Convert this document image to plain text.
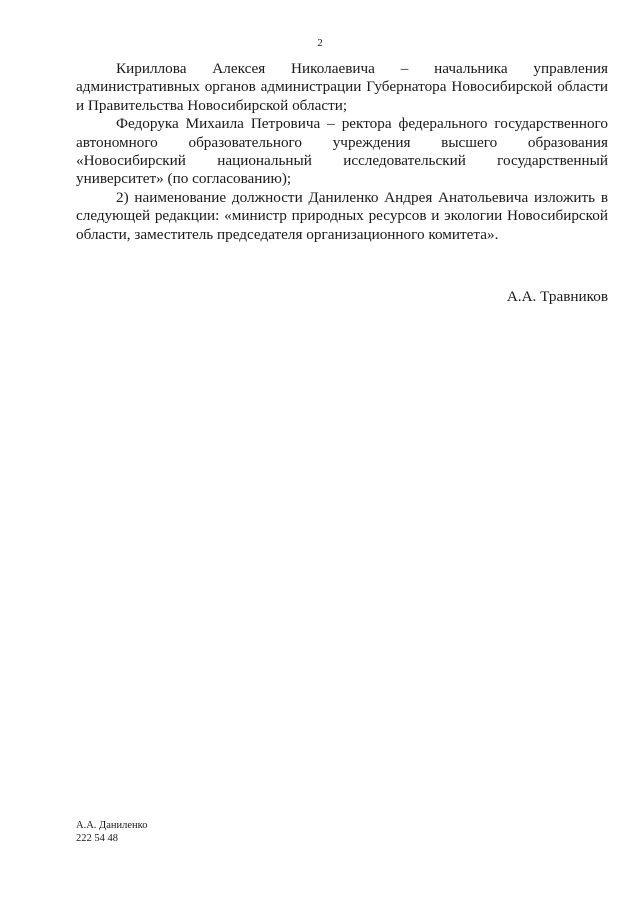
2

Кириллова Алексея Николаевича – начальника управления административных органов администрации Губернатора Новосибирской области и Правительства Новосибирской области;

Федорука Михаила Петровича – ректора федерального государственного автономного образовательного учреждения высшего образования «Новосибирский национальный исследовательский государственный университет» (по согласованию);

2) наименование должности Даниленко Андрея Анатольевича изложить в следующей редакции: «министр природных ресурсов и экологии Новосибирской области, заместитель председателя организационного комитета».

А.А. Травников
А.А. Даниленко
222 54 48
